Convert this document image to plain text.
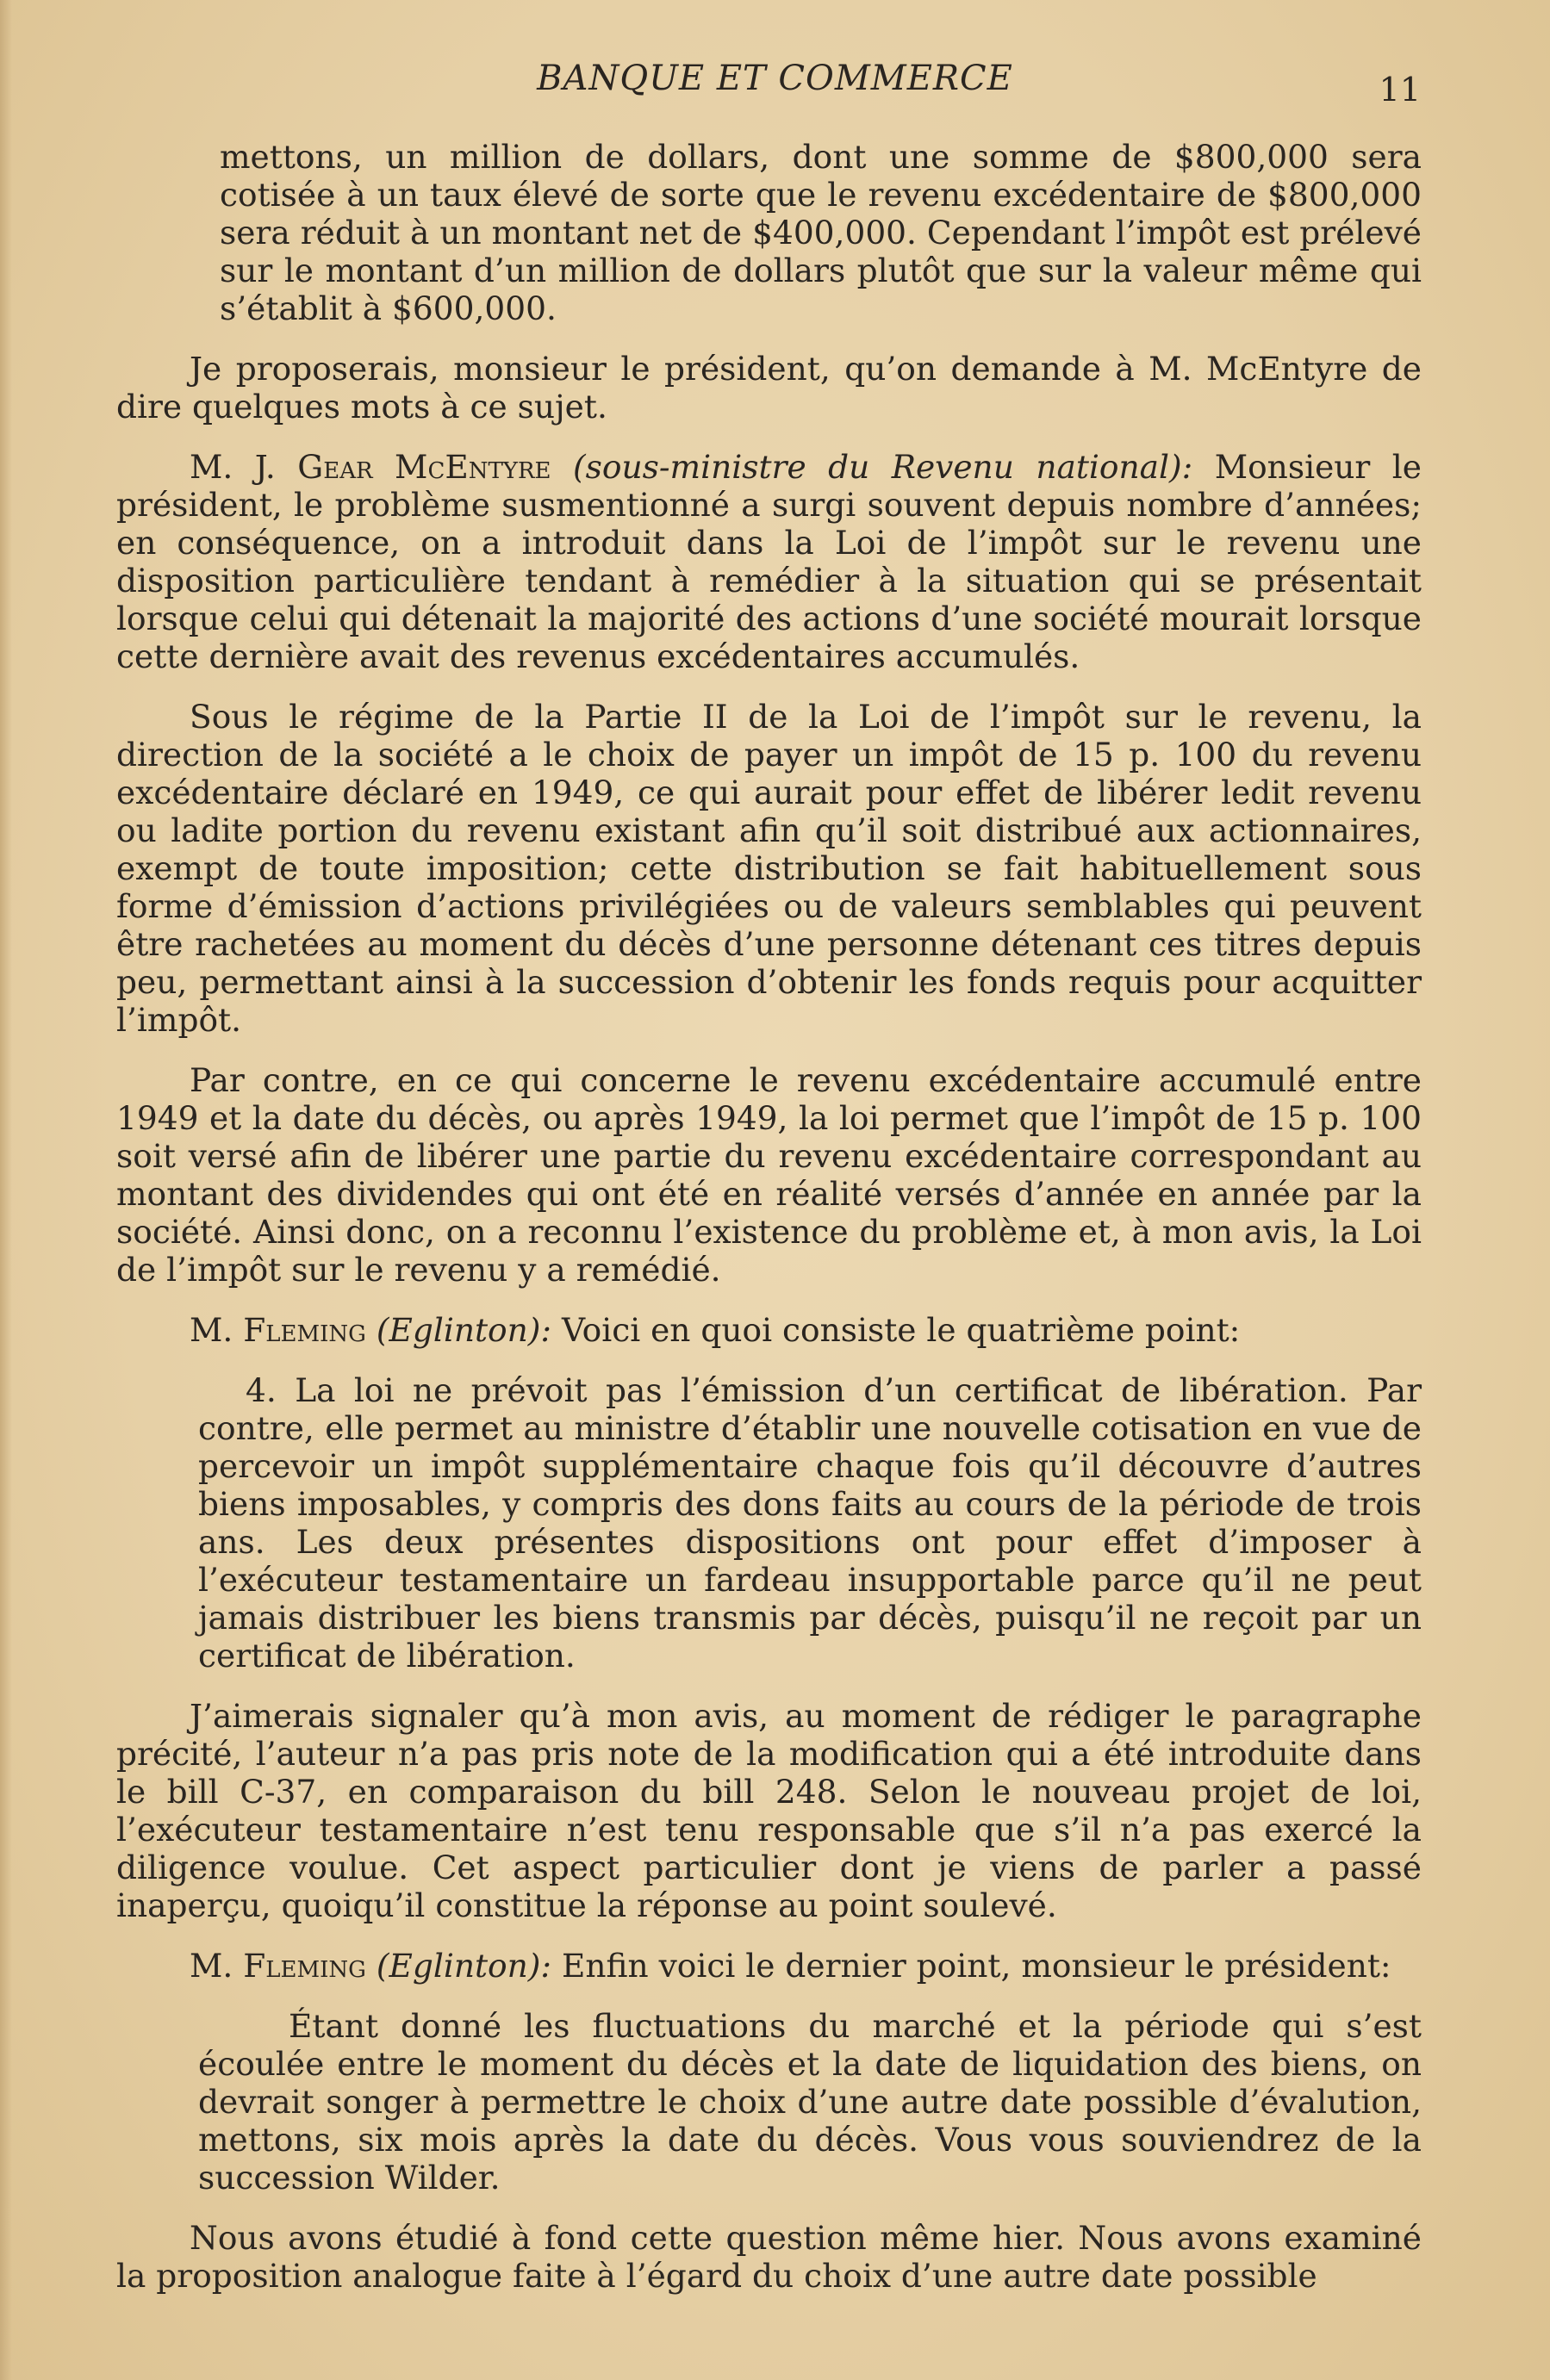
BANQUE ET COMMERCE	11

mettons, un million de dollars, dont une somme de $800,000 sera cotisée à un taux élevé de sorte que le revenu excédentaire de $800,000 sera réduit à un montant net de $400,000. Cependant l’impôt est prélevé sur le montant d’un million de dollars plutôt que sur la valeur même qui s’établit à $600,000.

Je proposerais, monsieur le président, qu’on demande à M. McEntyre de dire quelques mots à ce sujet.

M. J. Gear McEntyre (sous-ministre du Revenu national): Monsieur le président, le problème susmentionné a surgi souvent depuis nombre d’années; en conséquence, on a introduit dans la Loi de l’impôt sur le revenu une disposition particulière tendant à remédier à la situation qui se présentait lorsque celui qui détenait la majorité des actions d’une société mourait lorsque cette dernière avait des revenus excédentaires accumulés.

Sous le régime de la Partie II de la Loi de l’impôt sur le revenu, la direction de la société a le choix de payer un impôt de 15 p. 100 du revenu excédentaire déclaré en 1949, ce qui aurait pour effet de libérer ledit revenu ou ladite portion du revenu existant afin qu’il soit distribué aux actionnaires, exempt de toute imposition; cette distribution se fait habituellement sous forme d’émission d’actions privilégiées ou de valeurs semblables qui peuvent être rachetées au moment du décès d’une personne détenant ces titres depuis peu, permettant ainsi à la succession d’obtenir les fonds requis pour acquitter l’impôt.

Par contre, en ce qui concerne le revenu excédentaire accumulé entre 1949 et la date du décès, ou après 1949, la loi permet que l’impôt de 15 p. 100 soit versé afin de libérer une partie du revenu excédentaire correspondant au montant des dividendes qui ont été en réalité versés d’année en année par la société. Ainsi donc, on a reconnu l’existence du problème et, à mon avis, la Loi de l’impôt sur le revenu y a remédié.

M. Fleming (Eglinton): Voici en quoi consiste le quatrième point:

4. La loi ne prévoit pas l’émission d’un certificat de libération. Par contre, elle permet au ministre d’établir une nouvelle cotisation en vue de percevoir un impôt supplémentaire chaque fois qu’il découvre d’autres biens imposables, y compris des dons faits au cours de la période de trois ans. Les deux présentes dispositions ont pour effet d’imposer à l’exécuteur testamentaire un fardeau insupportable parce qu’il ne peut jamais distribuer les biens transmis par décès, puisqu’il ne reçoit par un certificat de libération.

J’aimerais signaler qu’à mon avis, au moment de rédiger le paragraphe précité, l’auteur n’a pas pris note de la modification qui a été introduite dans le bill C-37, en comparaison du bill 248. Selon le nouveau projet de loi, l’exécuteur testamentaire n’est tenu responsable que s’il n’a pas exercé la diligence voulue. Cet aspect particulier dont je viens de parler a passé inaperçu, quoiqu’il constitue la réponse au point soulevé.

M. Fleming (Eglinton): Enfin voici le dernier point, monsieur le président:

Étant donné les fluctuations du marché et la période qui s’est écoulée entre le moment du décès et la date de liquidation des biens, on devrait songer à permettre le choix d’une autre date possible d’évalution, mettons, six mois après la date du décès. Vous vous souviendrez de la succession Wilder.

Nous avons étudié à fond cette question même hier. Nous avons examiné la proposition analogue faite à l’égard du choix d’une autre date possible
